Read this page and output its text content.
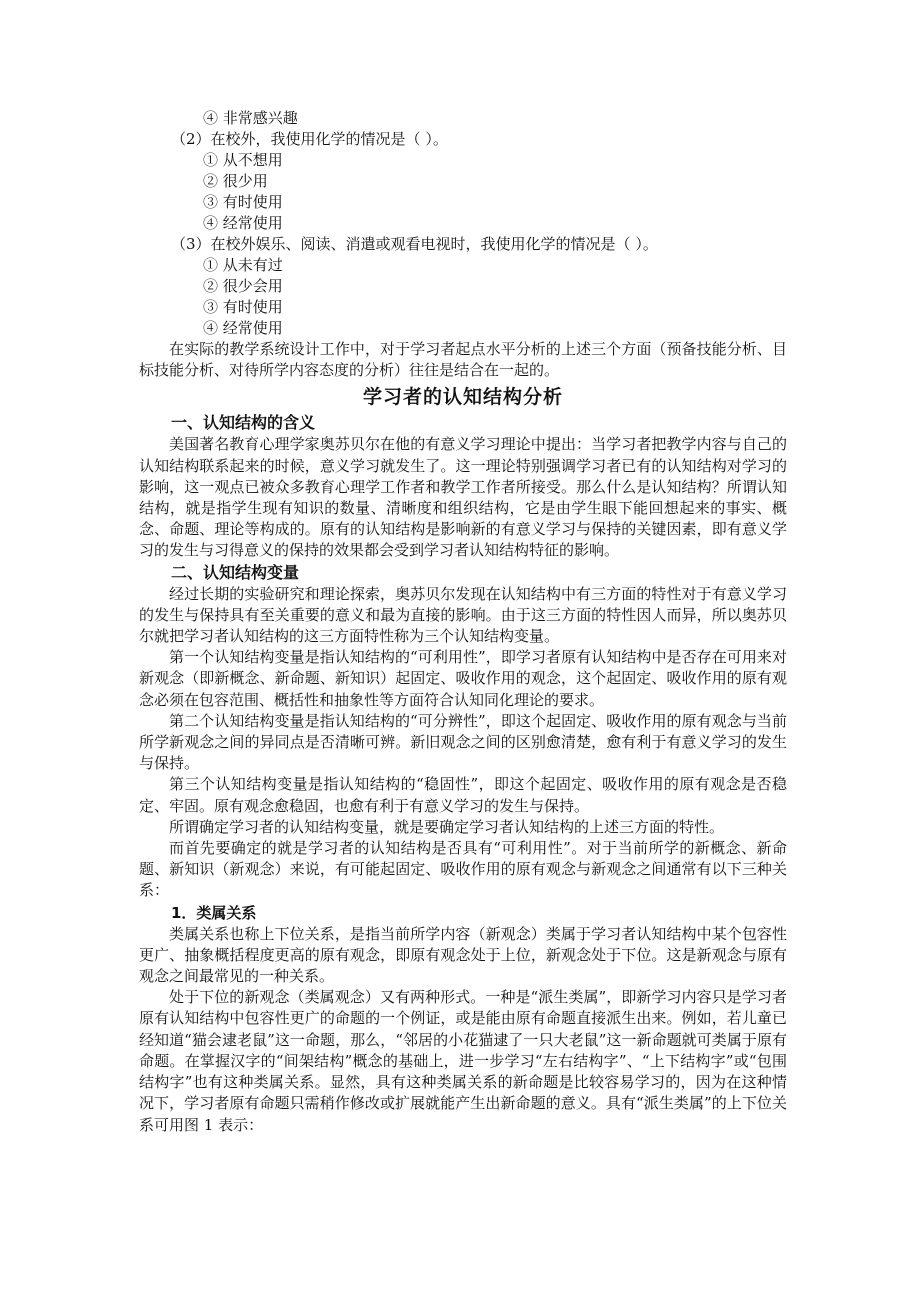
④ 非常感兴趣
（2）在校外，我使用化学的情况是（ ）。
① 从不想用
② 很少用
③ 有时使用
④ 经常使用
（3）在校外娱乐、阅读、消遣或观看电视时，我使用化学的情况是（ ）。
① 从未有过
② 很少会用
③ 有时使用
④ 经常使用

在实际的教学系统设计工作中，对于学习者起点水平分析的上述三个方面（预备技能分析、目标技能分析、对待所学内容态度的分析）往往是结合在一起的。

学习者的认知结构分析
一、认知结构的含义

美国著名教育心理学家奥苏贝尔在他的有意义学习理论中提出：当学习者把教学内容与自己的认知结构联系起来的时候，意义学习就发生了。这一理论特别强调学习者已有的认知结构对学习的影响，这一观点已被众多教育心理学工作者和教学工作者所接受。那么什么是认知结构？所谓认知结构，就是指学生现有知识的数量、清晰度和组织结构，它是由学生眼下能回想起来的事实、概念、命题、理论等构成的。原有的认知结构是影响新的有意义学习与保持的关键因素，即有意义学习的发生与习得意义的保持的效果都会受到学习者认知结构特征的影响。

二、认知结构变量

经过长期的实验研究和理论探索，奥苏贝尔发现在认知结构中有三方面的特性对于有意义学习的发生与保持具有至关重要的意义和最为直接的影响。由于这三方面的特性因人而异，所以奥苏贝尔就把学习者认知结构的这三方面特性称为三个认知结构变量。

第一个认知结构变量是指认知结构的“可利用性”，即学习者原有认知结构中是否存在可用来对新观念（即新概念、新命题、新知识）起固定、吸收作用的观念，这个起固定、吸收作用的原有观念必须在包容范围、概括性和抽象性等方面符合认知同化理论的要求。

第二个认知结构变量是指认知结构的“可分辨性”，即这个起固定、吸收作用的原有观念与当前所学新观念之间的异同点是否清晰可辨。新旧观念之间的区别愈清楚，愈有利于有意义学习的发生与保持。

第三个认知结构变量是指认知结构的“稳固性”，即这个起固定、吸收作用的原有观念是否稳定、牢固。原有观念愈稳固，也愈有利于有意义学习的发生与保持。

所谓确定学习者的认知结构变量，就是要确定学习者认知结构的上述三方面的特性。

而首先要确定的就是学习者的认知结构是否具有“可利用性”。对于当前所学的新概念、新命题、新知识（新观念）来说，有可能起固定、吸收作用的原有观念与新观念之间通常有以下三种关系：

1．类属关系

类属关系也称上下位关系，是指当前所学内容（新观念）类属于学习者认知结构中某个包容性更广、抽象概括程度更高的原有观念，即原有观念处于上位，新观念处于下位。这是新观念与原有观念之间最常见的一种关系。

处于下位的新观念（类属观念）又有两种形式。一种是“派生类属”，即新学习内容只是学习者原有认知结构中包容性更广的命题的一个例证，或是能由原有命题直接派生出来。例如，若儿童已经知道“猫会逮老鼠”这一命题，那么，“邻居的小花猫逮了一只大老鼠”这一新命题就可类属于原有命题。在掌握汉字的“间架结构”概念的基础上，进一步学习“左右结构字”、“上下结构字”或“包围结构字”也有这种类属关系。显然，具有这种类属关系的新命题是比较容易学习的，因为在这种情况下，学习者原有命题只需稍作修改或扩展就能产生出新命题的意义。具有“派生类属”的上下位关系可用图 1 表示：
